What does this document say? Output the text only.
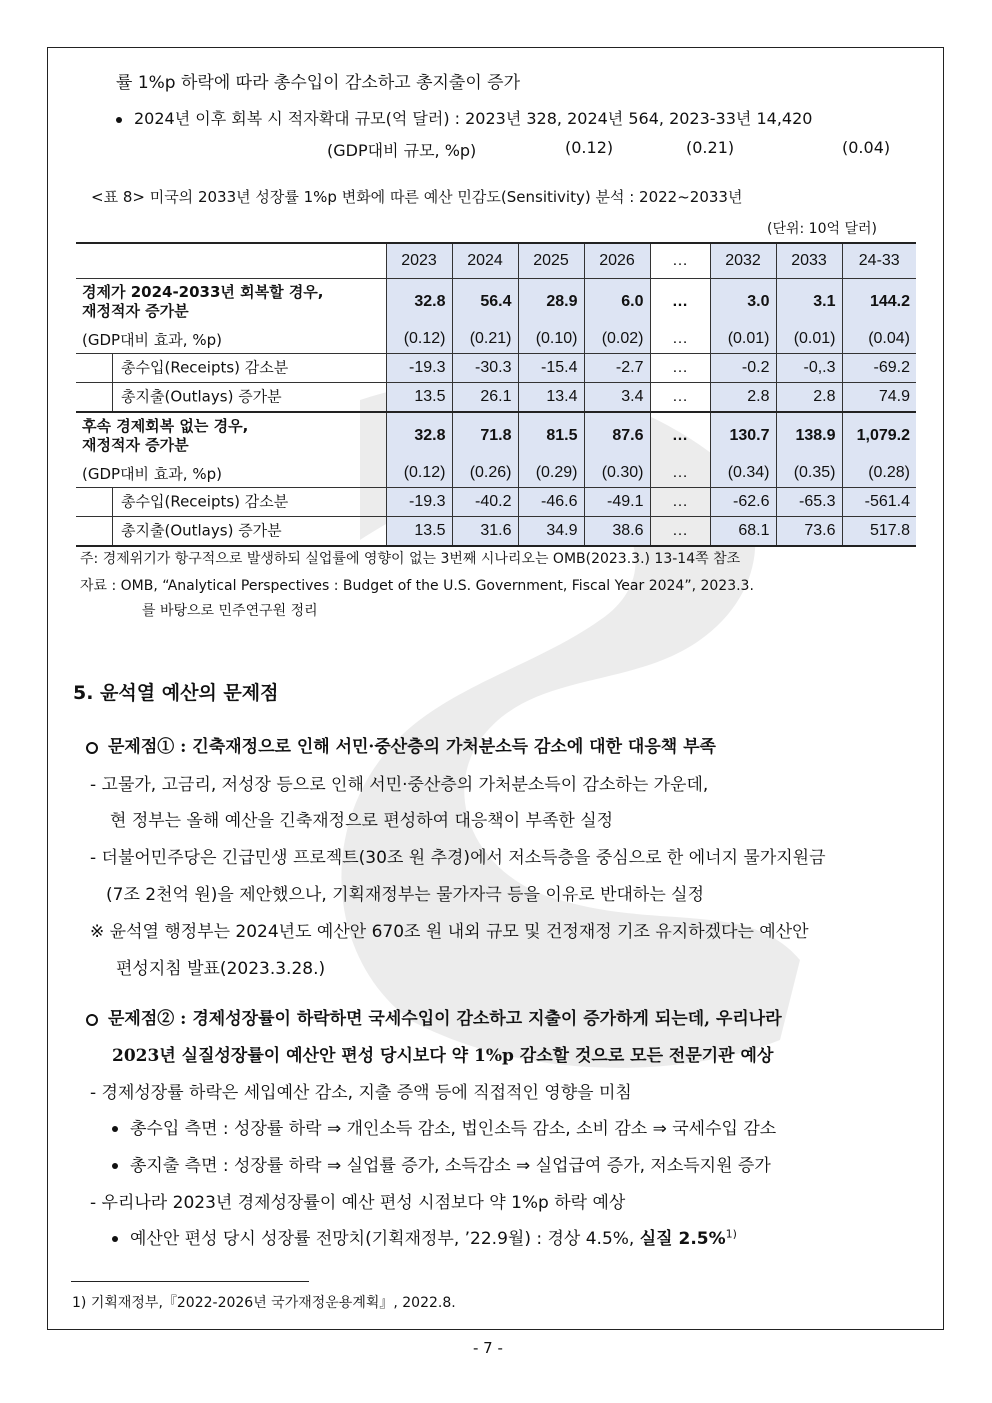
률 1%p 하락에 따라 총수입이 감소하고 총지출이 증가
2024년 이후 회복 시 적자확대 규모(억 달러) : 2023년 328, 2024년 564, 2023-33년 14,420
(GDP대비 규모, %p)	(0.12)	(0.21)	(0.04)
<표 8> 미국의 2033년 성장률 1%p 변화에 따른 예산 민감도(Sensitivity) 분석 : 2022~2033년
(단위: 10억 달러)
	2023	2024	2025	2026	…	2032	2033	24-33
경제가 2024-2033년 회복할 경우,
재정적자 증가분	32.8	56.4	28.9	6.0	…	3.0	3.1	144.2
(GDP대비 효과, %p)	(0.12)	(0.21)	(0.10)	(0.02)	…	(0.01)	(0.01)	(0.04)
총수입(Receipts) 감소분	-19.3	-30.3	-15.4	-2.7	…	-0.2	-0,.3	-69.2
총지출(Outlays) 증가분	13.5	26.1	13.4	3.4	…	2.8	2.8	74.9
후속 경제회복 없는 경우,
재정적자 증가분	32.8	71.8	81.5	87.6	…	130.7	138.9	1,079.2
(GDP대비 효과, %p)	(0.12)	(0.26)	(0.29)	(0.30)	…	(0.34)	(0.35)	(0.28)
총수입(Receipts) 감소분	-19.3	-40.2	-46.6	-49.1	…	-62.6	-65.3	-561.4
총지출(Outlays) 증가분	13.5	31.6	34.9	38.6	…	68.1	73.6	517.8
주: 경제위기가 항구적으로 발생하되 실업률에 영향이 없는 3번째 시나리오는 OMB(2023.3.) 13-14쪽 참조
자료 : OMB, “Analytical Perspectives : Budget of the U.S. Government, Fiscal Year 2024”, 2023.3.
를 바탕으로 민주연구원 정리
5. 윤석열 예산의 문제점
문제점① : 긴축재정으로 인해 서민·중산층의 가처분소득 감소에 대한 대응책 부족
- 고물가, 고금리, 저성장 등으로 인해 서민·중산층의 가처분소득이 감소하는 가운데,
현 정부는 올해 예산을 긴축재정으로 편성하여 대응책이 부족한 실정
- 더불어민주당은 긴급민생 프로젝트(30조 원 추경)에서 저소득층을 중심으로 한 에너지 물가지원금
(7조 2천억 원)을 제안했으나, 기획재정부는 물가자극 등을 이유로 반대하는 실정
※ 윤석열 행정부는 2024년도 예산안 670조 원 내외 규모 및 건정재정 기조 유지하겠다는 예산안
편성지침 발표(2023.3.28.)
문제점② : 경제성장률이 하락하면 국세수입이 감소하고 지출이 증가하게 되는데, 우리나라
2023년 실질성장률이 예산안 편성 당시보다 약 1%p 감소할 것으로 모든 전문기관 예상
- 경제성장률 하락은 세입예산 감소, 지출 증액 등에 직접적인 영향을 미침
총수입 측면 : 성장률 하락 ⇒ 개인소득 감소, 법인소득 감소, 소비 감소 ⇒ 국세수입 감소
총지출 측면 : 성장률 하락 ⇒ 실업률 증가, 소득감소 ⇒ 실업급여 증가, 저소득지원 증가
- 우리나라 2023년 경제성장률이 예산 편성 시점보다 약 1%p 하락 예상
예산안 편성 당시 성장률 전망치(기획재정부, ’22.9월) : 경상 4.5%, 실질 2.5%$^{1)}$
1) 기획재정부,『2022-2026년 국가재정운용계획』, 2022.8.
- 7 -
